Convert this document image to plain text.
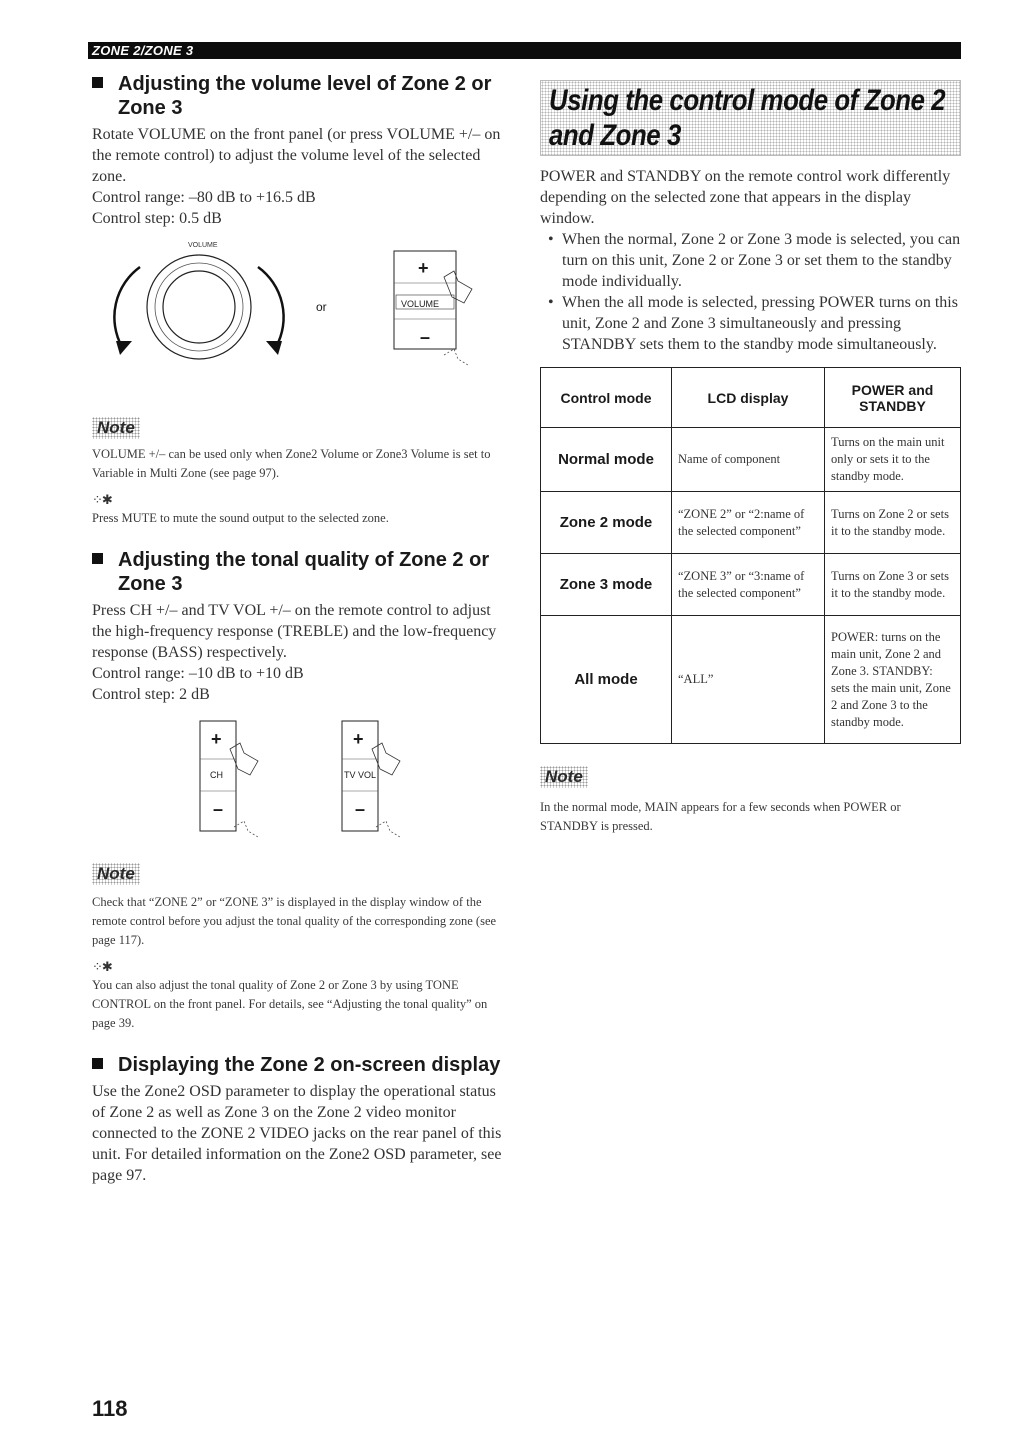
ZONE 2/ZONE 3
Adjusting the volume level of Zone 2 or Zone 3

Rotate VOLUME on the front panel (or press VOLUME +/– on the remote control) to adjust the volume level of the selected zone.

Control range: –80 dB to +16.5 dB

Control step: 0.5 dB

VOLUME
or
+
VOLUME
–
Note

VOLUME +/– can be used only when Zone2 Volume or Zone3 Volume is set to Variable in Multi Zone (see page 97).

⁘✱

Press MUTE to mute the sound output to the selected zone.

Adjusting the tonal quality of Zone 2 or Zone 3

Press CH +/– and TV VOL +/– on the remote control to adjust the high-frequency response (TREBLE) and the low-frequency response (BASS) respectively.

Control range: –10 dB to +10 dB

Control step: 2 dB

+
CH
–
+
TV VOL
–
Note

Check that “ZONE 2” or “ZONE 3” is displayed in the display window of the remote control before you adjust the tonal quality of the corresponding zone (see page 117).

⁘✱

You can also adjust the tonal quality of Zone 2 or Zone 3 by using TONE CONTROL on the front panel. For details, see “Adjusting the tonal quality” on page 39.

Displaying the Zone 2 on-screen display

Use the Zone2 OSD parameter to display the operational status of Zone 2 as well as Zone 3 on the Zone 2 video monitor connected to the ZONE 2 VIDEO jacks on the rear panel of this unit. For detailed information on the Zone2 OSD parameter, see page 97.

Using the control mode of Zone 2
and Zone 3

POWER and STANDBY on the remote control work differently depending on the selected zone that appears in the display window.

• When the normal, Zone 2 or Zone 3 mode is selected, you can turn on this unit, Zone 2 or Zone 3 or set them to the standby mode individually.
• When the all mode is selected, pressing POWER turns on this unit, Zone 2 and Zone 3 simultaneously and pressing STANDBY sets them to the standby mode simultaneously.
Control mode	LCD display	POWER and STANDBY
Normal mode	Name of component	Turns on the main unit only or sets it to the standby mode.
Zone 2 mode	“ZONE 2” or “2:name of the selected component”	Turns on Zone 2 or sets it to the standby mode.
Zone 3 mode	“ZONE 3” or “3:name of the selected component”	Turns on Zone 3 or sets it to the standby mode.
All mode	“ALL”	POWER: turns on the main unit, Zone 2 and Zone 3. STANDBY: sets the main unit, Zone 2 and Zone 3 to the standby mode.
Note

In the normal mode, MAIN appears for a few seconds when POWER or STANDBY is pressed.

118
